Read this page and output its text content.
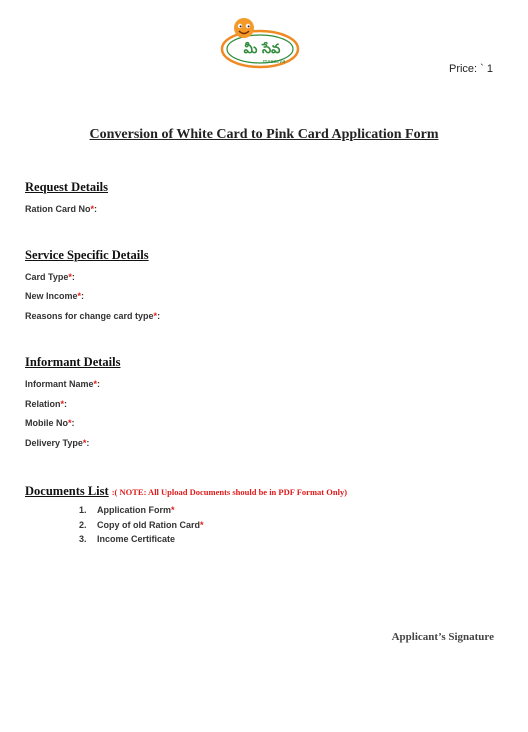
మీ సేవ
meeseva
Price: ` 1
Conversion of White Card to Pink Card Application Form
Request Details
Ration Card No*:
Service Specific Details
Card Type*:
New Income*:
Reasons for change card type*:
Informant Details
Informant Name*:
Relation*:
Mobile No*:
Delivery Type*:
Documents List :( NOTE: All Upload Documents should be in PDF Format Only)
1.	Application Form *
2.	Copy of old Ration Card *
3.	Income Certificate
Applicant’s Signature
